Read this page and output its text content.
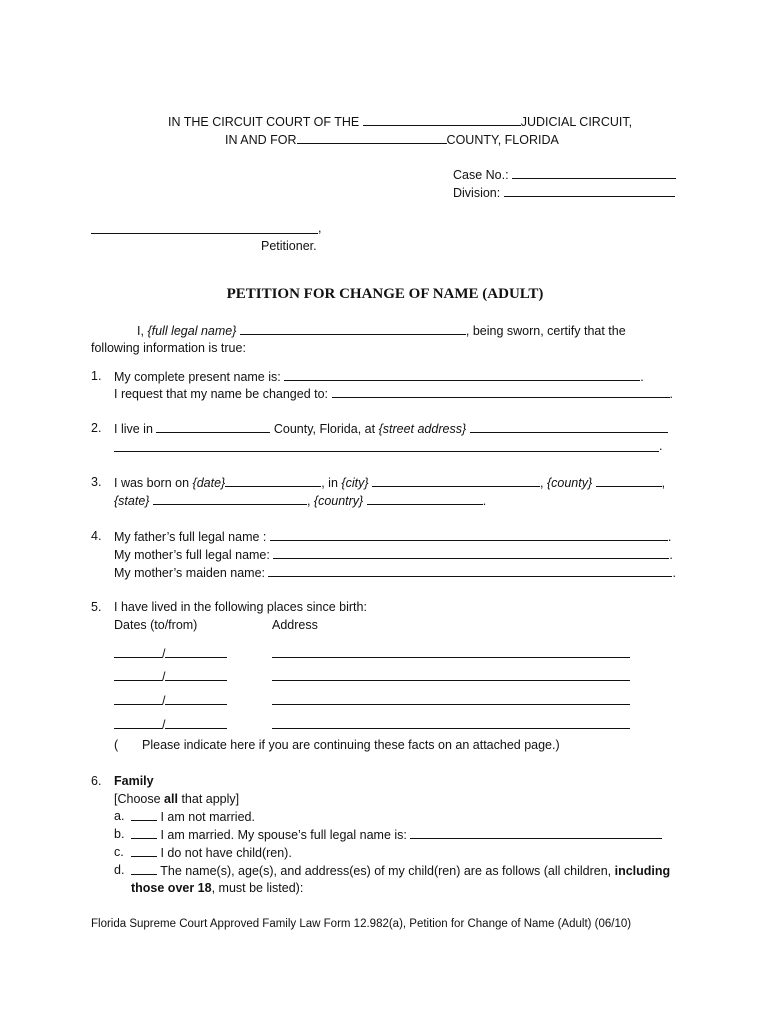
IN THE CIRCUIT COURT OF THE	JUDICIAL CIRCUIT,
IN AND FOR	COUNTY, FLORIDA
Case No.:
Division:
,
Petitioner.
PETITION FOR CHANGE OF NAME (ADULT)
I, {full legal name}	, being sworn, certify that the
following information is true:
1. My complete present name is:	.
I request that my name be changed to:	.
2. I live in	County, Florida, at {street address}
.
3. I was born on {date}	, in {city}	, {county}	,
{state}	, {country}	.
4. My father’s full legal name :	.
My mother’s full legal name:	.
My mother’s maiden name:	.
5. I have lived in the following places since birth:
Dates (to/from)	Address
/
/
/
/
( Please indicate here if you are continuing these facts on an attached page.)
6. Family
[Choose all that apply]
a.	I am not married.
b.	I am married. My spouse’s full legal name is:
c.	I do not have child(ren).
d.	The name(s), age(s), and address(es) of my child(ren) are as follows (all children, including
those over 18, must be listed):
Florida Supreme Court Approved Family Law Form 12.982(a), Petition for Change of Name (Adult) (06/10)
